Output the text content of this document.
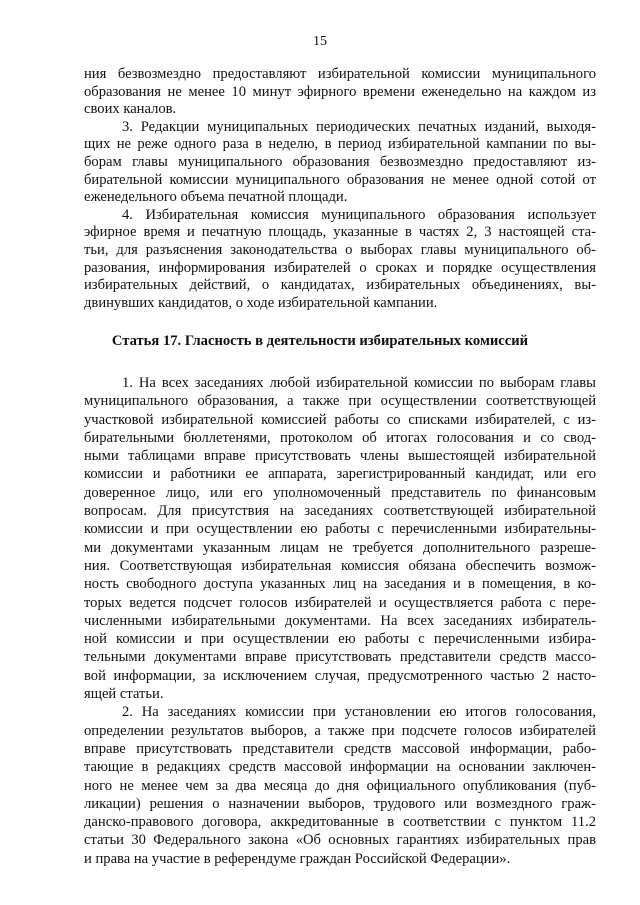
15
ния безвозмездно предоставляют избирательной комиссии муниципального
образования не менее 10 минут эфирного времени еженедельно на каждом из
своих каналов.
3. Редакции муниципальных периодических печатных изданий, выходя-
щих не реже одного раза в неделю, в период избирательной кампании по вы-
борам главы муниципального образования безвозмездно предоставляют из-
бирательной комиссии муниципального образования не менее одной сотой от
еженедельного объема печатной площади.
4. Избирательная комиссия муниципального образования использует
эфирное время и печатную площадь, указанные в частях 2, 3 настоящей ста-
тьи, для разъяснения законодательства о выборах главы муниципального об-
разования, информирования избирателей о сроках и порядке осуществления
избирательных действий, о кандидатах, избирательных объединениях, вы-
двинувших кандидатов, о ходе избирательной кампании.
Статья 17. Гласность в деятельности избирательных комиссий
1. На всех заседаниях любой избирательной комиссии по выборам главы
муниципального образования, а также при осуществлении соответствующей
участковой избирательной комиссией работы со списками избирателей, с из-
бирательными бюллетенями, протоколом об итогах голосования и со свод-
ными таблицами вправе присутствовать члены вышестоящей избирательной
комиссии и работники ее аппарата, зарегистрированный кандидат, или его
доверенное лицо, или его уполномоченный представитель по финансовым
вопросам. Для присутствия на заседаниях соответствующей избирательной
комиссии и при осуществлении ею работы с перечисленными избирательны-
ми документами указанным лицам не требуется дополнительного разреше-
ния. Соответствующая избирательная комиссия обязана обеспечить возмож-
ность свободного доступа указанных лиц на заседания и в помещения, в ко-
торых ведется подсчет голосов избирателей и осуществляется работа с пере-
численными избирательными документами. На всех заседаниях избиратель-
ной комиссии и при осуществлении ею работы с перечисленными избира-
тельными документами вправе присутствовать представители средств массо-
вой информации, за исключением случая, предусмотренного частью 2 насто-
ящей статьи.
2. На заседаниях комиссии при установлении ею итогов голосования,
определении результатов выборов, а также при подсчете голосов избирателей
вправе присутствовать представители средств массовой информации, рабо-
тающие в редакциях средств массовой информации на основании заключен-
ного не менее чем за два месяца до дня официального опубликования (пуб-
ликации) решения о назначении выборов, трудового или возмездного граж-
данско-правового договора, аккредитованные в соответствии с пунктом 11.2
статьи 30 Федерального закона «Об основных гарантиях избирательных прав
и права на участие в референдуме граждан Российской Федерации».
